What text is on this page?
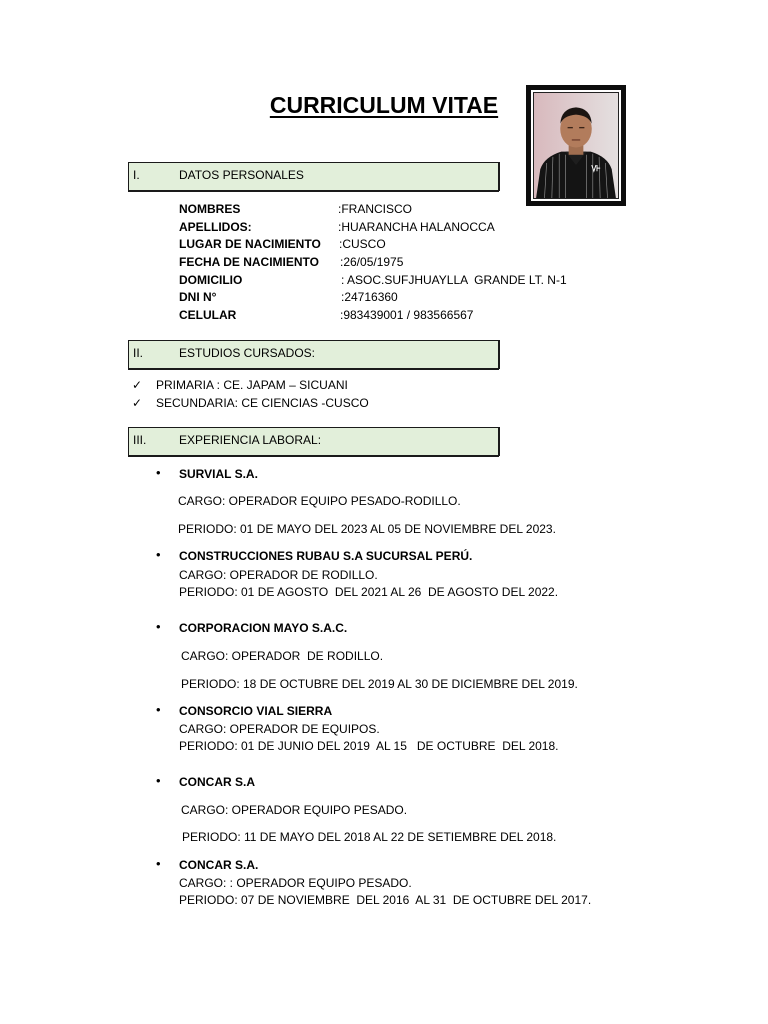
CURRICULUM VITAE
I.	DATOS PERSONALES
NOMBRES	:FRANCISCO
APELLIDOS:	:HUARANCHA HALANOCCA
LUGAR DE NACIMIENTO :CUSCO
FECHA DE NACIMIENTO :26/05/1975
DOMICILIO	: ASOC.SUFJHUAYLLA  GRANDE LT. N-1
DNI N°	:24716360
CELULAR	:983439001 / 983566567
II.	ESTUDIOS CURSADOS:
✓ PRIMARIA : CE. JAPAM – SICUANI
✓ SECUNDARIA: CE CIENCIAS -CUSCO
III.	EXPERIENCIA LABORAL:
• SURVIAL S.A.
CARGO: OPERADOR EQUIPO PESADO-RODILLO.
PERIODO: 01 DE MAYO DEL 2023 AL 05 DE NOVIEMBRE DEL 2023.
• CONSTRUCCIONES RUBAU S.A SUCURSAL PERÚ.
CARGO: OPERADOR DE RODILLO.
PERIODO: 01 DE AGOSTO  DEL 2021 AL 26  DE AGOSTO DEL 2022.
• CORPORACION MAYO S.A.C.
CARGO: OPERADOR  DE RODILLO.
PERIODO: 18 DE OCTUBRE DEL 2019 AL 30 DE DICIEMBRE DEL 2019.
• CONSORCIO VIAL SIERRA
CARGO: OPERADOR DE EQUIPOS.
PERIODO: 01 DE JUNIO DEL 2019  AL 15   DE OCTUBRE  DEL 2018.
• CONCAR S.A
CARGO: OPERADOR EQUIPO PESADO.
PERIODO: 11 DE MAYO DEL 2018 AL 22 DE SETIEMBRE DEL 2018.
• CONCAR S.A.
CARGO: : OPERADOR EQUIPO PESADO.
PERIODO: 07 DE NOVIEMBRE  DEL 2016  AL 31  DE OCTUBRE DEL 2017.
